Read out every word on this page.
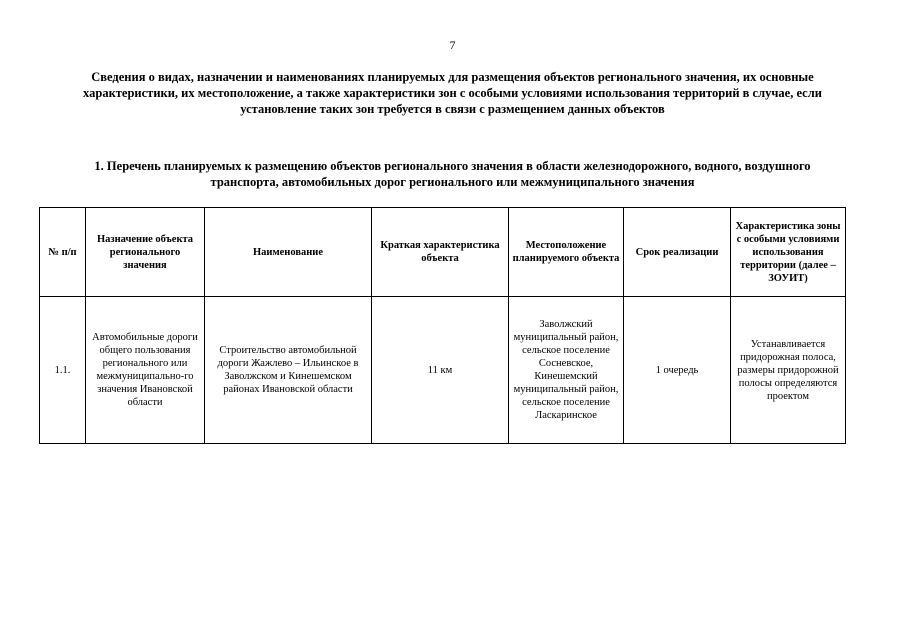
7

Сведения о видах, назначении и наименованиях планируемых для размещения объектов регионального значения, их основные характеристики, их местоположение, а также характеристики зон с особыми условиями использования территорий в случае, если установление таких зон требуется в связи с размещением данных объектов

1. Перечень планируемых к размещению объектов регионального значения в области железнодорожного, водного, воздушного транспорта, автомобильных дорог регионального или межмуниципального значения

№ п/п	Назначение объекта регионального значения	Наименование	Краткая характеристика объекта	Местоположение планируемого объекта	Срок реализации	Характеристика зоны с особыми условиями использования территории (далее – ЗОУИТ)
1.1.	Автомобильные дороги общего пользования регионального или межмуниципально-го значения Ивановской области	Строительство автомобильной дороги Жажлево – Ильинское в Заволжском и Кинешемском районах Ивановской области	11 км	Заволжский муниципальный район, сельское поселение Сосневское, Кинешемский муниципальный район, сельское поселение Ласкаринское	1 очередь	Устанавливается придорожная полоса, размеры придорожной полосы определяются проектом
